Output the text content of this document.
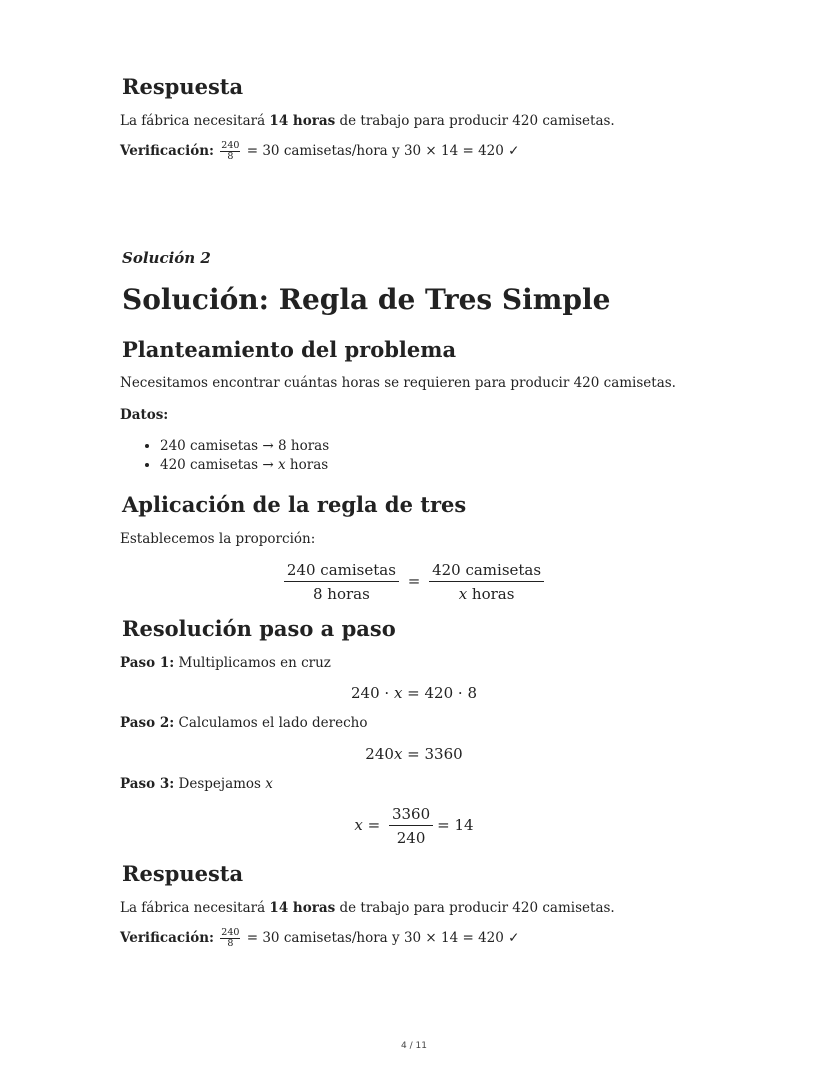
Respuesta
La fábrica necesitará 14 horas de trabajo para producir 420 camisetas.
Verificación: $\frac{240}{8} = 30$ camisetas/hora y 30 × 14 = 420 ✓
Solución 2
Solución: Regla de Tres Simple
Planteamiento del problema
Necesitamos encontrar cuántas horas se requieren para producir 420 camisetas.
Datos:
• 240 camisetas → 8 horas
• 420 camisetas → x horas
Aplicación de la regla de tres
Establecemos la proporción:
$\frac{\text{240 camisetas}}{\text{8 horas}} = \frac{\text{420 camisetas}}{\text{x horas}}$
Resolución paso a paso
Paso 1: Multiplicamos en cruz
240 · x = 420 · 8
Paso 2: Calculamos el lado derecho
240x = 3360
Paso 3: Despejamos x
$x = \frac{3360}{240} = 14$
Respuesta
La fábrica necesitará 14 horas de trabajo para producir 420 camisetas.
Verificación: $\frac{240}{8} = 30$ camisetas/hora y 30 × 14 = 420 ✓
4 / 11
